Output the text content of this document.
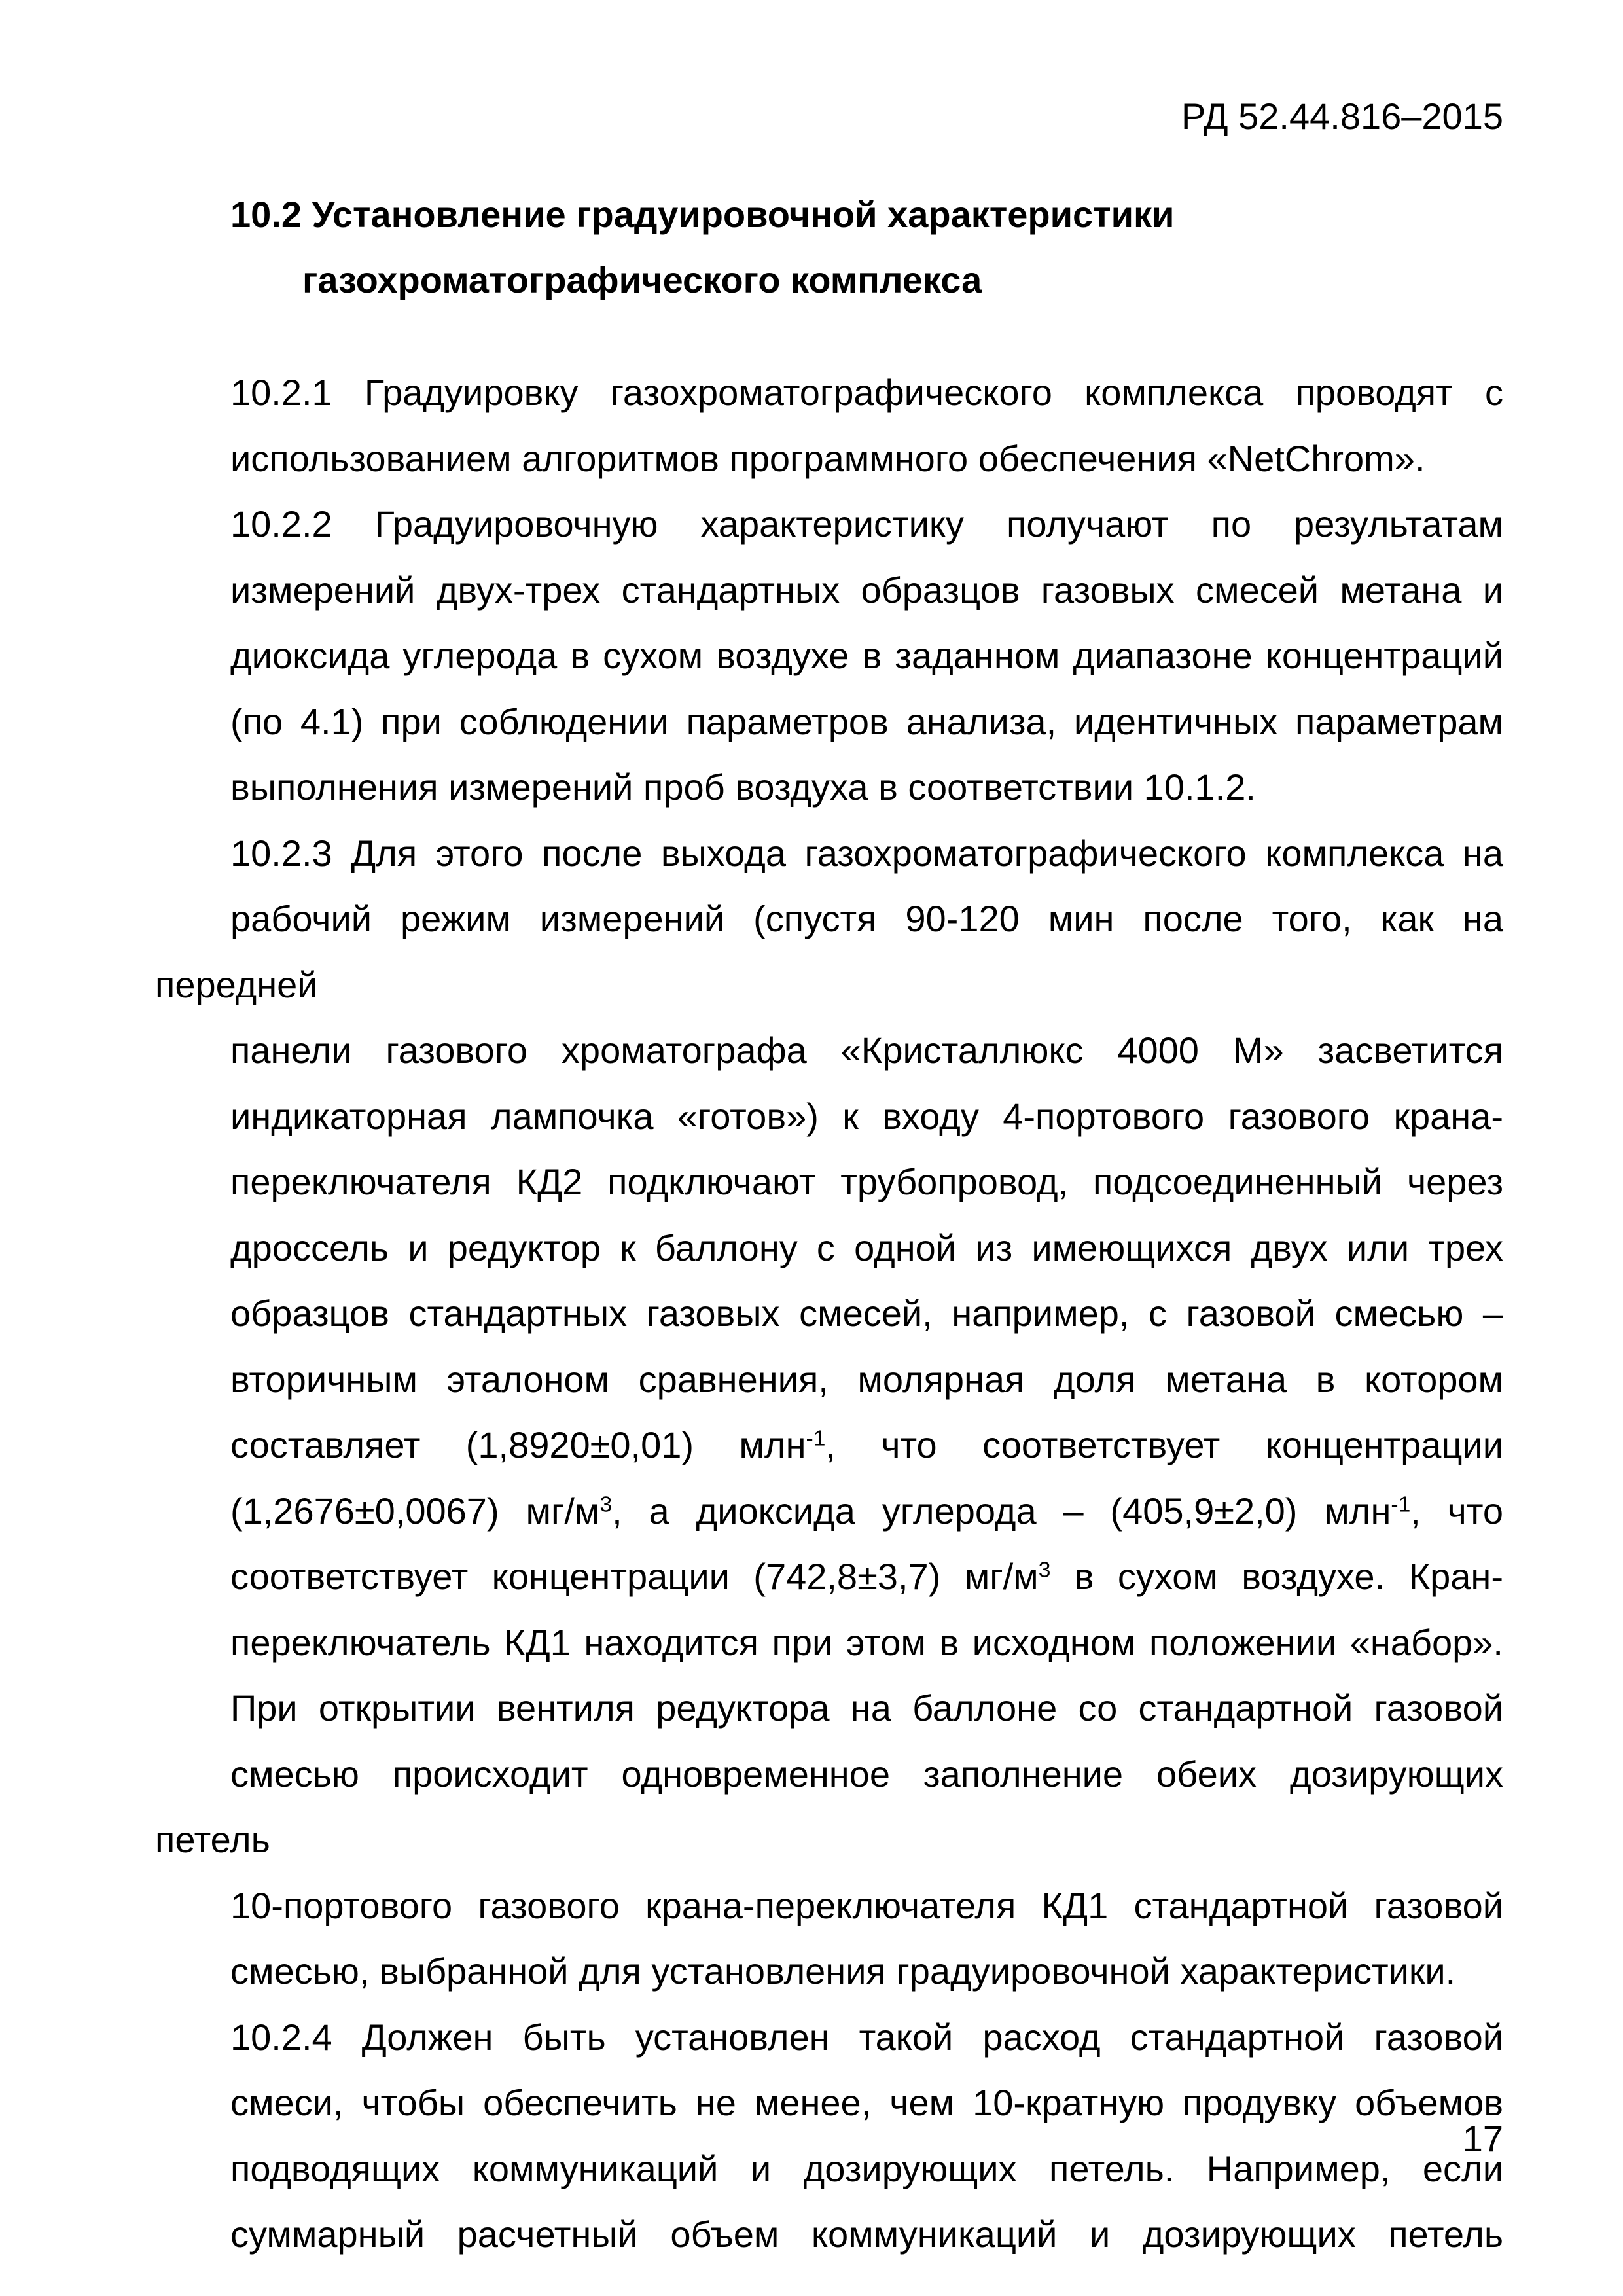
РД 52.44.816–2015
10.2 Установление градуировочной характеристики
газохроматографического комплекса
10.2.1 Градуировку газохроматографического комплекса проводят с
использованием алгоритмов программного обеспечения «NetChrom».
10.2.2 Градуировочную характеристику получают по результатам
измерений двух-трех стандартных образцов газовых смесей метана и
диоксида углерода в сухом воздухе в заданном диапазоне концентраций
(по 4.1) при соблюдении параметров анализа, идентичных параметрам
выполнения измерений проб воздуха в соответствии 10.1.2.
10.2.3 Для этого после выхода газохроматографического комплекса на
рабочий режим измерений (спустя 90-120 мин после того, как на передней
панели газового хроматографа «Кристаллюкс 4000 М» засветится
индикаторная лампочка «готов») к входу 4-портового газового крана-
переключателя КД2 подключают трубопровод, подсоединенный через
дроссель и редуктор к баллону с одной из имеющихся двух или трех
образцов стандартных газовых смесей, например, с газовой смесью –
вторичным эталоном сравнения, молярная доля метана в котором
составляет (1,8920±0,01) млн$^{-1}$, что соответствует концентрации
(1,2676±0,0067) $мг/м^3$, а диоксида углерода – (405,9±2,0) млн$^{-1}$, что
соответствует концентрации (742,8±3,7) $мг/м^3$ в сухом воздухе. Кран-
переключатель КД1 находится при этом в исходном положении «набор».
При открытии вентиля редуктора на баллоне со стандартной газовой
смесью происходит одновременное заполнение обеих дозирующих петель
10-портового газового крана-переключателя КД1 стандартной газовой
смесью, выбранной для установления градуировочной характеристики.
10.2.4 Должен быть установлен такой расход стандартной газовой
смеси, чтобы обеспечить не менее, чем 10-кратную продувку объемов
подводящих коммуникаций и дозирующих петель. Например, если
суммарный расчетный объем коммуникаций и дозирующих петель
17
